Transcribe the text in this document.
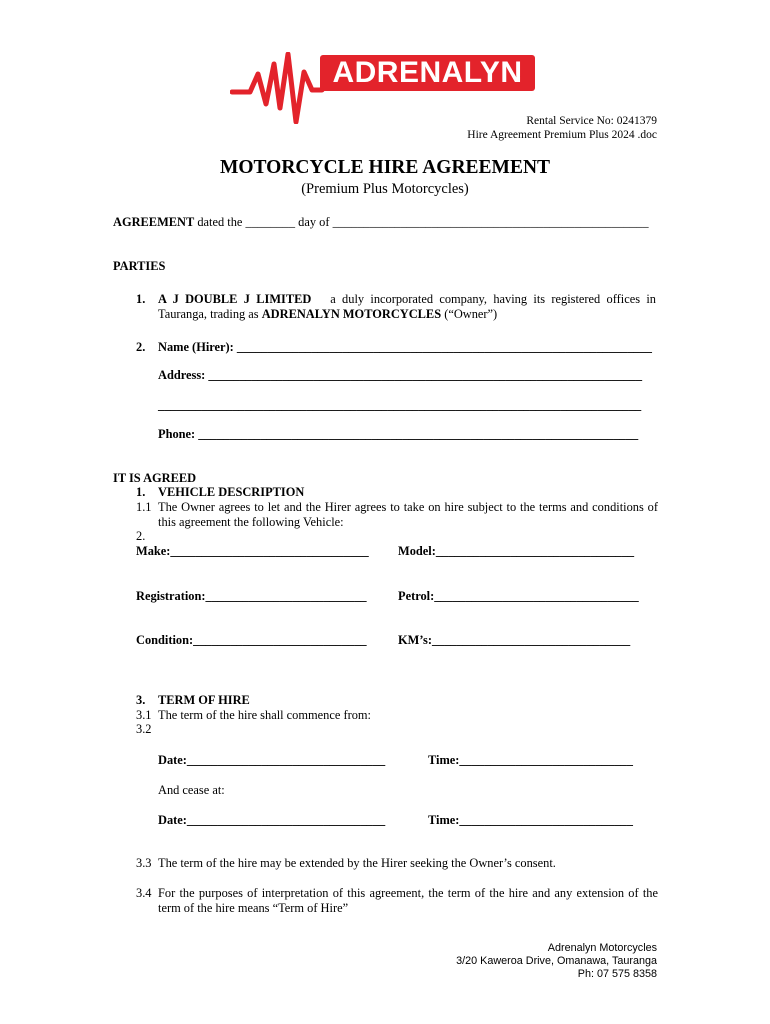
ADRENALYN
Rental Service No: 0241379
Hire Agreement Premium Plus 2024 .doc
MOTORCYCLE HIRE AGREEMENT
(Premium Plus Motorcycles)
AGREEMENT dated the ________ day of ___________________________________________________
PARTIES
1. A J DOUBLE J LIMITED a duly incorporated company, having its registered offices in
Tauranga, trading as ADRENALYN MOTORCYCLES (“Owner”)
2. Name (Hirer): ___________________________________________________________________
Address: ______________________________________________________________________
______________________________________________________________________________
Phone: _______________________________________________________________________
IT IS AGREED
1. VEHICLE DESCRIPTION
1.1 The Owner agrees to let and the Hirer agrees to take on hire subject to the terms and conditions of
this agreement the following Vehicle:
2.
Make:________________________________ Model:________________________________
Registration:__________________________	Petrol:_________________________________
Condition:____________________________	KM’s:________________________________
3. TERM OF HIRE
3.1 The term of the hire shall commence from:
3.2
Date:________________________________	Time:____________________________
And cease at:
Date:________________________________	Time:____________________________
3.3 The term of the hire may be extended by the Hirer seeking the Owner’s consent.
3.4 For the purposes of interpretation of this agreement, the term of the hire and any extension of the
term of the hire means “Term of Hire”
Adrenalyn Motorcycles
3/20 Kaweroa Drive, Omanawa, Tauranga
Ph: 07 575 8358
